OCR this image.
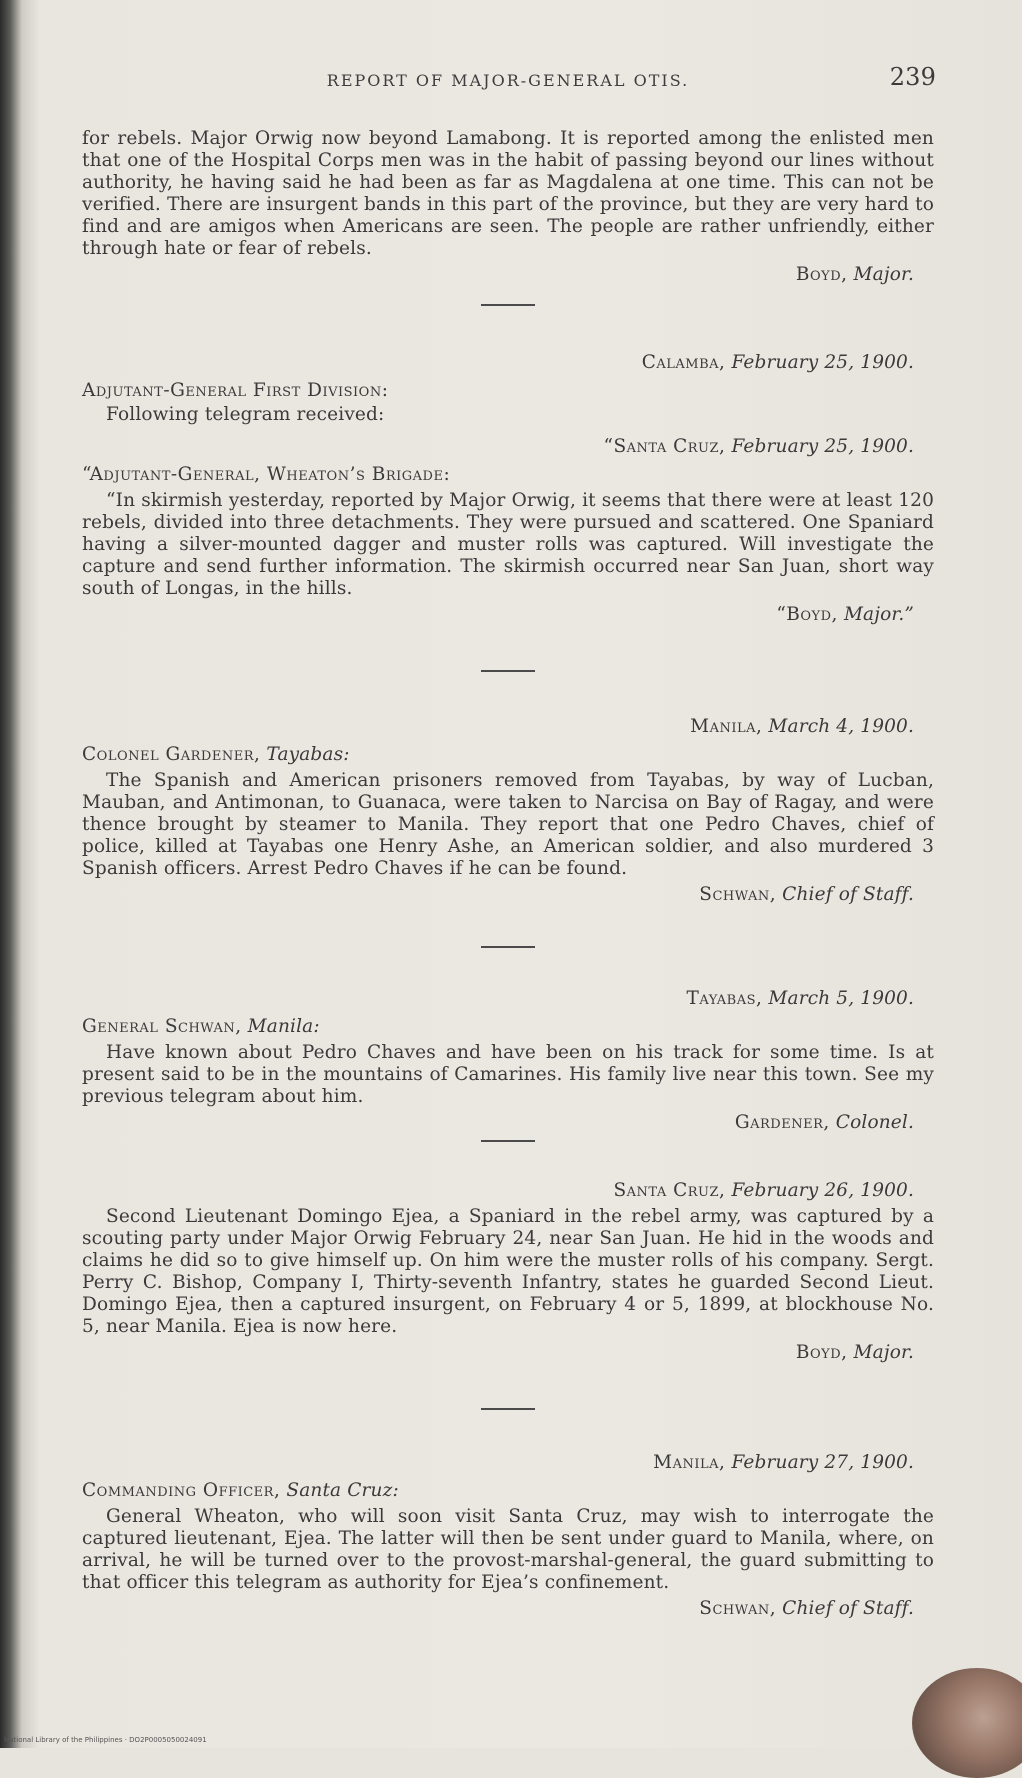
REPORT OF MAJOR-GENERAL OTIS.	239

for rebels. Major Orwig now beyond Lamabong. It is reported among the enlisted men that one of the Hospital Corps men was in the habit of passing beyond our lines without authority, he having said he had been as far as Magdalena at one time. This can not be verified. There are insurgent bands in this part of the province, but they are very hard to find and are amigos when Americans are seen. The people are rather unfriendly, either through hate or fear of rebels.

Boyd, Major.

Calamba, February 25, 1900.

Adjutant-General First Division:

Following telegram received:

“Santa Cruz, February 25, 1900.

“Adjutant-General, Wheaton’s Brigade:

“In skirmish yesterday, reported by Major Orwig, it seems that there were at least 120 rebels, divided into three detachments. They were pursued and scattered. One Spaniard having a silver-mounted dagger and muster rolls was captured. Will investigate the capture and send further information. The skirmish occurred near San Juan, short way south of Longas, in the hills.

“Boyd, Major.”

Manila, March 4, 1900.

Colonel Gardener, Tayabas:

The Spanish and American prisoners removed from Tayabas, by way of Lucban, Mauban, and Antimonan, to Guanaca, were taken to Narcisa on Bay of Ragay, and were thence brought by steamer to Manila. They report that one Pedro Chaves, chief of police, killed at Tayabas one Henry Ashe, an American soldier, and also murdered 3 Spanish officers. Arrest Pedro Chaves if he can be found.

Schwan, Chief of Staff.

Tayabas, March 5, 1900.

General Schwan, Manila:

Have known about Pedro Chaves and have been on his track for some time. Is at present said to be in the mountains of Camarines. His family live near this town. See my previous telegram about him.

Gardener, Colonel.

Santa Cruz, February 26, 1900.

Second Lieutenant Domingo Ejea, a Spaniard in the rebel army, was captured by a scouting party under Major Orwig February 24, near San Juan. He hid in the woods and claims he did so to give himself up. On him were the muster rolls of his company. Sergt. Perry C. Bishop, Company I, Thirty-seventh Infantry, states he guarded Second Lieut. Domingo Ejea, then a captured insurgent, on February 4 or 5, 1899, at blockhouse No. 5, near Manila. Ejea is now here.

Boyd, Major.

Manila, February 27, 1900.

Commanding Officer, Santa Cruz:

General Wheaton, who will soon visit Santa Cruz, may wish to interrogate the captured lieutenant, Ejea. The latter will then be sent under guard to Manila, where, on arrival, he will be turned over to the provost-marshal-general, the guard submitting to that officer this telegram as authority for Ejea’s confinement.

Schwan, Chief of Staff.

National Library of the Philippines · DO2P0005050024091
